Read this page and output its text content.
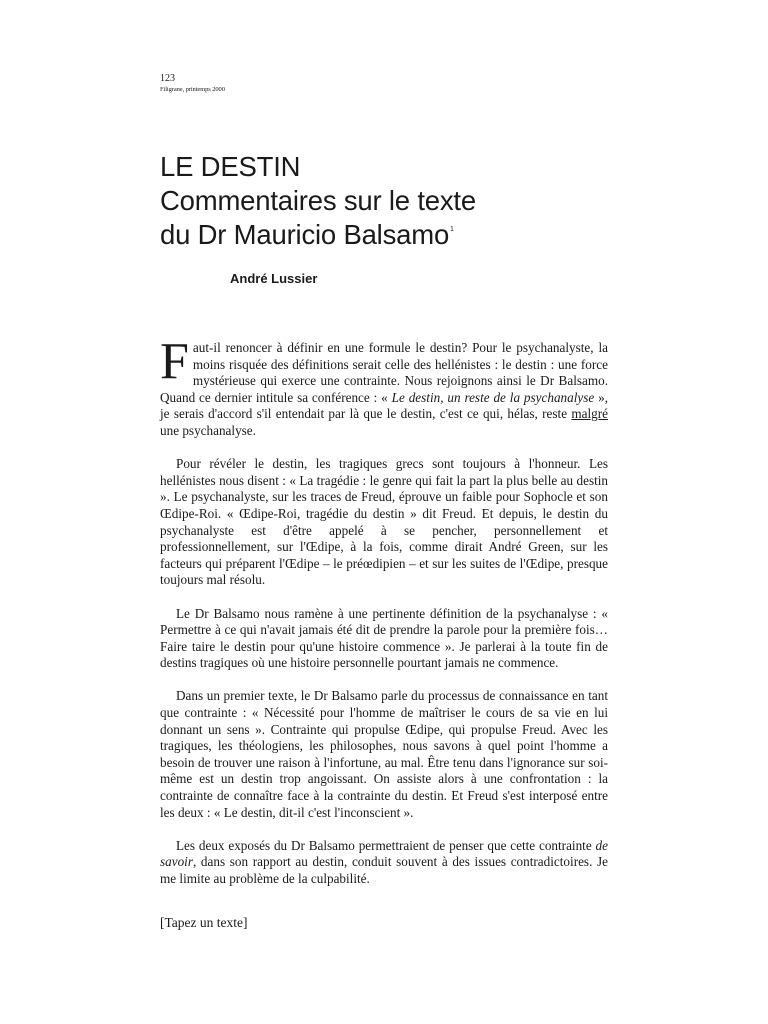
123
Filigrane, printemps 2000
LE DESTIN
Commentaires sur le texte
du Dr Mauricio Balsamo$^1$
André Lussier

Faut-il renoncer à définir en une formule le destin? Pour le psychanalyste, la moins risquée des définitions serait celle des hellénistes : le destin : une force mystérieuse qui exerce une contrainte. Nous rejoignons ainsi le Dr Balsamo. Quand ce dernier intitule sa conférence : « Le destin, un reste de la psychanalyse », je serais d'accord s'il entendait par là que le destin, c'est ce qui, hélas, reste malgré une psychanalyse.

Pour révéler le destin, les tragiques grecs sont toujours à l'honneur. Les hellénistes nous disent : « La tragédie : le genre qui fait la part la plus belle au destin ». Le psychanalyste, sur les traces de Freud, éprouve un faible pour Sophocle et son Œdipe-Roi. « Œdipe-Roi, tragédie du destin » dit Freud. Et depuis, le destin du psychanalyste est d'être appelé à se pencher, personnellement et professionnellement, sur l'Œdipe, à la fois, comme dirait André Green, sur les facteurs qui préparent l'Œdipe – le préœdipien – et sur les suites de l'Œdipe, presque toujours mal résolu.

Le Dr Balsamo nous ramène à une pertinente définition de la psychanalyse : « Permettre à ce qui n'avait jamais été dit de prendre la parole pour la première fois… Faire taire le destin pour qu'une histoire commence ». Je parlerai à la toute fin de destins tragiques où une histoire personnelle pourtant jamais ne commence.

Dans un premier texte, le Dr Balsamo parle du processus de connaissance en tant que contrainte : « Nécessité pour l'homme de maîtriser le cours de sa vie en lui donnant un sens ». Contrainte qui propulse Œdipe, qui propulse Freud. Avec les tragiques, les théologiens, les philosophes, nous savons à quel point l'homme a besoin de trouver une raison à l'infortune, au mal. Être tenu dans l'ignorance sur soi-même est un destin trop angoissant. On assiste alors à une confrontation : la contrainte de connaître face à la contrainte du destin. Et Freud s'est interposé entre les deux : « Le destin, dit-il c'est l'inconscient ».

Les deux exposés du Dr Balsamo permettraient de penser que cette contrainte de savoir, dans son rapport au destin, conduit souvent à des issues contradictoires. Je me limite au problème de la culpabilité.

[Tapez un texte]
